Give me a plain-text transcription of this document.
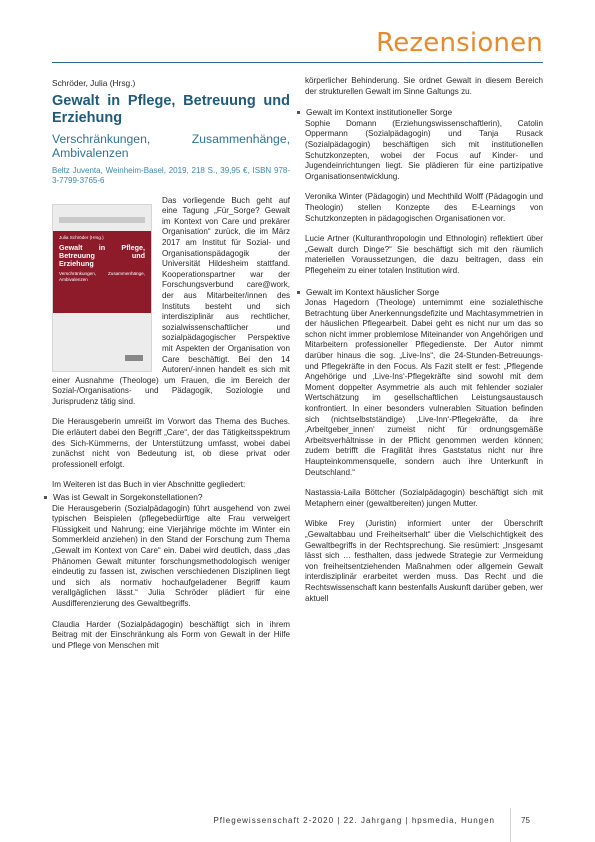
Rezensionen
Schröder, Julia (Hrsg.)
Gewalt in Pflege, Betreuung und Erziehung
Verschränkungen, Zusammenhänge, Ambivalenzen
Beltz Juventa, Weinheim-Basel, 2019, 218 S., 39,95 €, ISBN 978-3-7799-3765-6
Julia Schröder (Hrsg.)
Gewalt in Pflege, Betreuung und Erziehung
Verschränkungen, Zusammenhänge, Ambivalenzen

Das vorliegende Buch geht auf eine Tagung „Für_Sorge? Gewalt im Kontext von Care und prekärer Organisation“ zurück, die im März 2017 am Institut für Sozial- und Organisationspädagogik der Universität Hildesheim stattfand. Kooperationspartner war der Forschungsverbund care@work, der aus Mitarbeiter/innen des Instituts besteht und sich interdisziplinär aus rechtlicher, sozialwissenschaftlicher und sozialpädagogischer Perspektive mit Aspekten der Organisation von Care beschäftigt. Bei den 14 Autoren/-innen handelt es sich mit einer Ausnahme (Theologe) um Frauen, die im Bereich der Sozial-/Organisations- und Pädagogik, Soziologie und Jurisprudenz tätig sind.

Die Herausgeberin umreißt im Vorwort das Thema des Buches. Die erläutert dabei den Begriff „Care“, der das Tätigkeitsspektrum des Sich-Kümmerns, der Unterstützung umfasst, wobei dabei zunächst nicht von Bedeutung ist, ob diese privat oder professionell erfolgt.

Im Weiteren ist das Buch in vier Abschnitte gegliedert:

Was ist Gewalt in Sorgekonstellationen?

Die Herausgeberin (Sozialpädagogin) führt ausgehend von zwei typischen Beispielen (pflegebedürftige alte Frau verweigert Flüssigkeit und Nahrung; eine Vierjährige möchte im Winter ein Sommerkleid anziehen) in den Stand der Forschung zum Thema „Gewalt im Kontext von Care“ ein. Dabei wird deutlich, dass „das Phänomen Gewalt mitunter forschungsmethodologisch weniger eindeutig zu fassen ist, zwischen verschiedenen Disziplinen liegt und sich als normativ hochaufgeladener Begriff kaum verallgäglichen lässt.“ Julia Schröder plädiert für eine Ausdifferenzierung des Gewaltbegriffs.

Claudia Harder (Sozialpädagogin) beschäftigt sich in ihrem Beitrag mit der Einschränkung als Form von Gewalt in der Hilfe und Pflege von Menschen mit

körperlicher Behinderung. Sie ordnet Gewalt in diesem Bereich der strukturellen Gewalt im Sinne Galtungs zu.

Gewalt im Kontext institutioneller Sorge

Sophie Domann (Erziehungswissenschaftlerin), Catolin Oppermann (Sozialpädagogin) und Tanja Rusack (Sozialpädagogin) beschäftigen sich mit institutionellen Schutzkonzepten, wobei der Focus auf Kinder- und Jugendeinrichtungen liegt. Sie plädieren für eine partizipative Organisationsentwicklung.

Veronika Winter (Pädagogin) und Mechthild Wolff (Pädagogin und Theologin) stellen Konzepte des E-Learnings von Schutzkonzepten in pädagogischen Organisationen vor.

Lucie Artner (Kulturanthropologin und Ethnologin) reflektiert über „Gewalt durch Dinge?“ Sie beschäftigt sich mit den räumlich materiellen Voraussetzungen, die dazu beitragen, dass ein Pflegeheim zu einer totalen Institution wird.

Gewalt im Kontext häuslicher Sorge

Jonas Hagedorn (Theologe) unternimmt eine sozialethische Betrachtung über Anerkennungsdefizite und Machtasymmetrien in der häuslichen Pflegearbeit. Dabei geht es nicht nur um das so schon nicht immer problemlose Miteinander von Angehörigen und Mitarbeitern professioneller Pflegedienste. Der Autor nimmt darüber hinaus die sog. „Live-Ins“, die 24-Stunden-Betreuungs- und Pflegekräfte in den Focus. Als Fazit stellt er fest: „Pflegende Angehörige und ‚Live-Ins‘-Pflegekräfte sind sowohl mit dem Moment doppelter Asymmetrie als auch mit fehlender sozialer Wertschätzung im gesellschaftlichen Leistungsaustausch konfrontiert. In einer besonders vulnerablen Situation befinden sich (nichtselbstständige) ‚Live-Inn‘-Pflegekräfte, da ihre ‚Arbeitgeber_innen‘ zumeist nicht für ordnungsgemäße Arbeitsverhältnisse in der Pflicht genommen werden können; zudem betrifft die Fragilität ihres Gaststatus nicht nur ihre Haupteinkommensquelle, sondern auch ihre Unterkunft in Deutschland.“

Nastassia-Laila Böttcher (Sozialpädagogin) beschäftigt sich mit Metaphern einer (gewaltbereiten) jungen Mutter.

Wibke Frey (Juristin) informiert unter der Überschrift „Gewaltabbau und Freiheitserhalt“ über die Vielschichtigkeit des Gewaltbegriffs in der Rechtsprechung. Sie resümiert: „Insgesamt lässt sich … festhalten, dass jedwede Strategie zur Vermeidung von freiheitsentziehenden Maßnahmen oder allgemein Gewalt interdisziplinär erarbeitet werden muss. Das Recht und die Rechtswissenschaft kann bestenfalls Auskunft darüber geben, wer aktuell

Pflegewissenschaft 2-2020 | 22. Jahrgang | hpsmedia, Hungen	75
